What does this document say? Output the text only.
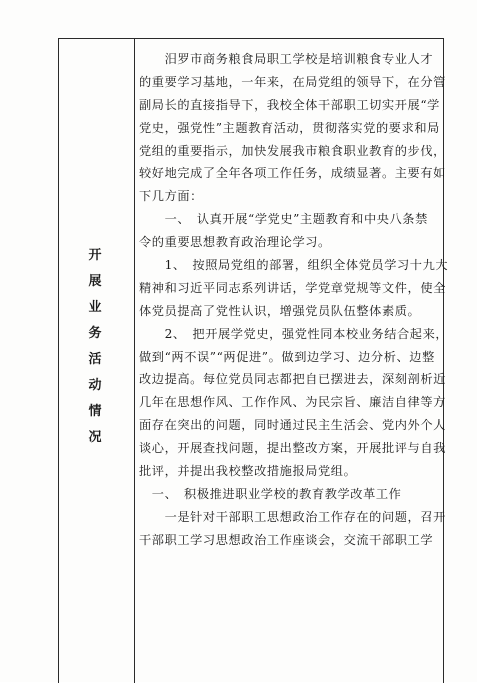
开
展
业
务
活
动
情
况
　　汨罗市商务粮食局职工学校是培训粮食专业人才
的重要学习基地，一年来，在局党组的领导下，在分管
副局长的直接指导下，我校全体干部职工切实开展“学
党史，强党性”主题教育活动，贯彻落实党的要求和局
党组的重要指示，加快发展我市粮食职业教育的步伐，
较好地完成了全年各项工作任务，成绩显著。主要有如
下几方面：
　　一、　认真开展“学党史”主题教育和中央八条禁
令的重要思想教育政治理论学习。
　　1、　按照局党组的部署，组织全体党员学习十九大
精神和习近平同志系列讲话，学党章党规等文件，使全
体党员提高了党性认识，增强党员队伍整体素质。
　　2、　把开展学党史，强党性同本校业务结合起来，
做到“两不误”“两促进”。做到边学习、边分析、边整
改边提高。每位党员同志都把自已摆进去，深刻剖析近
几年在思想作风、工作作风、为民宗旨、廉洁自律等方
面存在突出的问题，同时通过民主生活会、党内外个人
谈心，开展查找问题，提出整改方案，开展批评与自我
批评，并提出我校整改措施报局党组。
　一、　积极推进职业学校的教育教学改革工作
　　一是针对干部职工思想政治工作存在的问题，召开
干部职工学习思想政治工作座谈会，交流干部职工学
